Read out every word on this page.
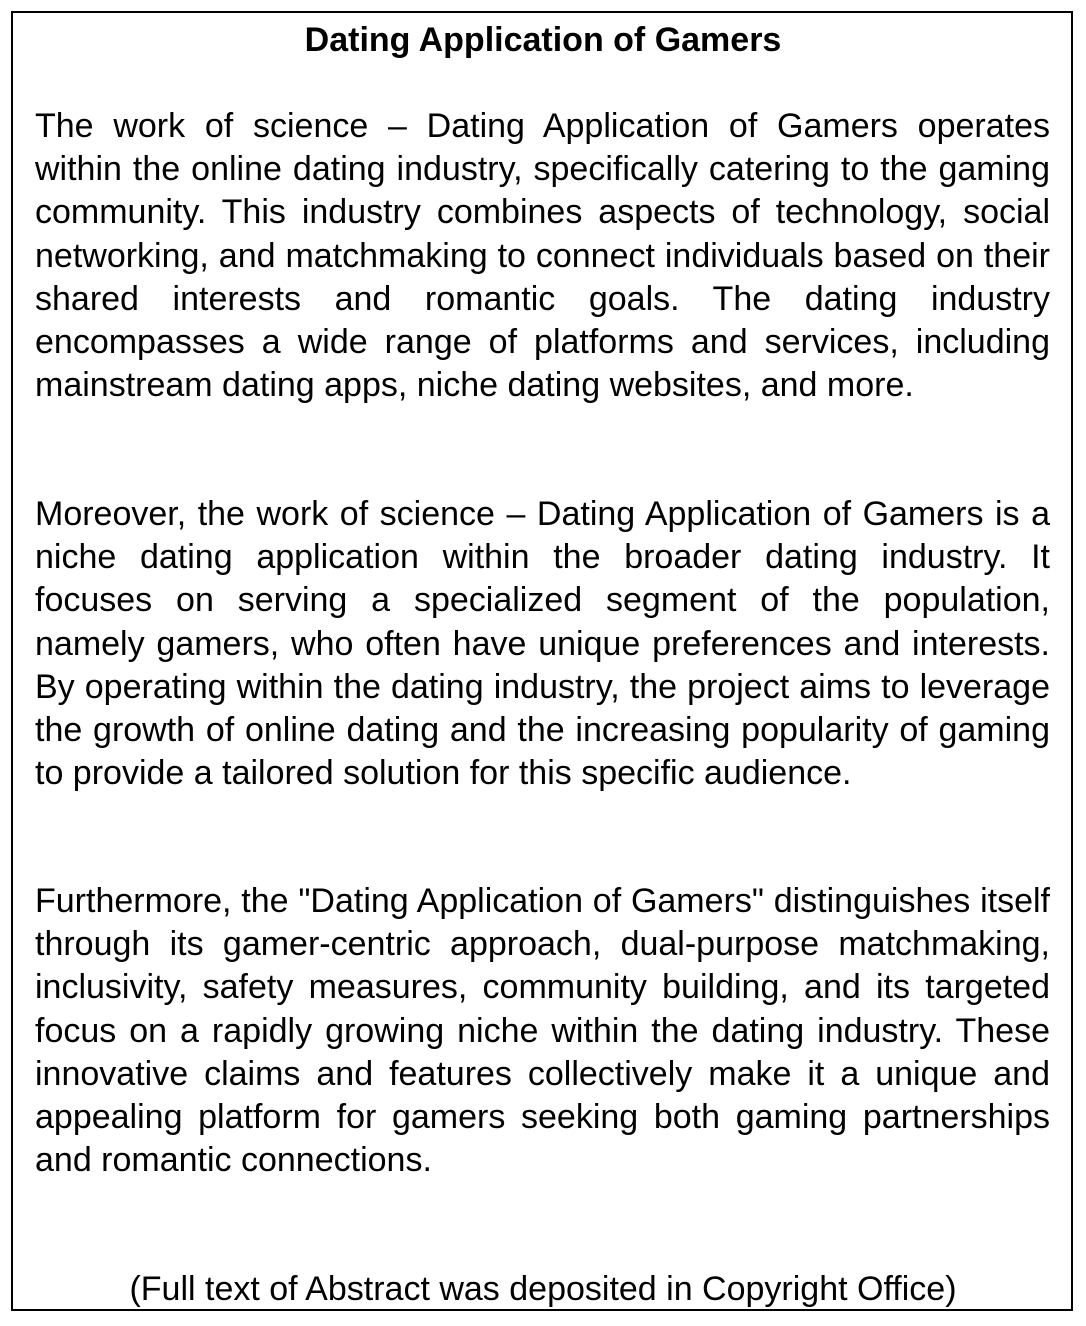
Dating Application of Gamers

The work of science – Dating Application of Gamers operates within the online dating industry, specifically catering to the gaming community. This industry combines aspects of technology, social networking, and matchmaking to connect individuals based on their shared interests and romantic goals. The dating industry encompasses a wide range of platforms and services, including mainstream dating apps, niche dating websites, and more.

Moreover, the work of science – Dating Application of Gamers is a niche dating application within the broader dating industry. It focuses on serving a specialized segment of the population, namely gamers, who often have unique preferences and interests. By operating within the dating industry, the project aims to leverage the growth of online dating and the increasing popularity of gaming to provide a tailored solution for this specific audience.

Furthermore, the "Dating Application of Gamers" distinguishes itself through its gamer-centric approach, dual-purpose matchmaking, inclusivity, safety measures, community building, and its targeted focus on a rapidly growing niche within the dating industry. These innovative claims and features collectively make it a unique and appealing platform for gamers seeking both gaming partnerships and romantic connections.

(Full text of Abstract was deposited in Copyright Office)
